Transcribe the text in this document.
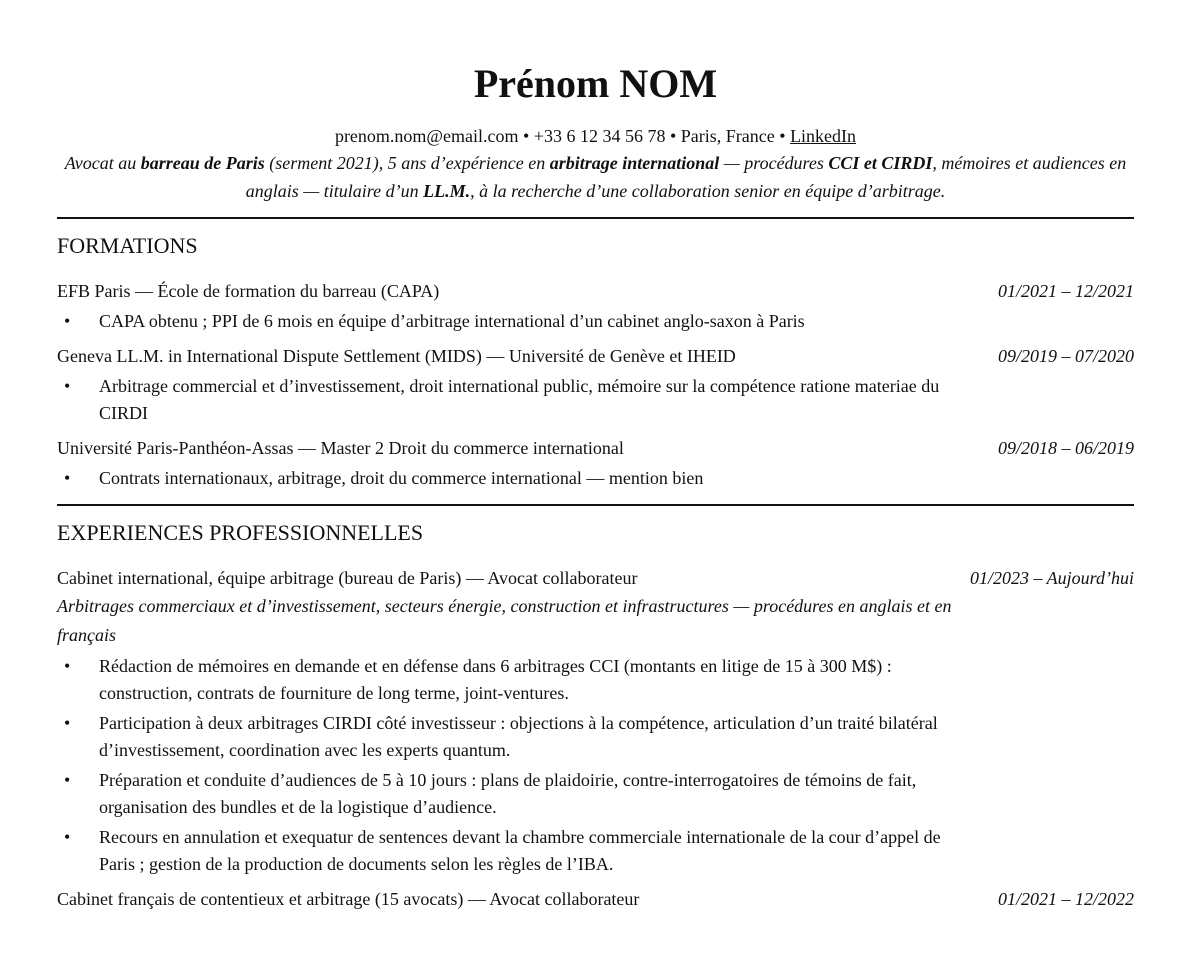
Prénom NOM
prenom.nom@email.com • +33 6 12 34 56 78 • Paris, France • LinkedIn
Avocat au barreau de Paris (serment 2021), 5 ans d’expérience en arbitrage international — procédures CCI et CIRDI, mémoires et audiences en anglais — titulaire d’un LL.M., à la recherche d’une collaboration senior en équipe d’arbitrage.
FORMATIONS
EFB Paris — École de formation du barreau (CAPA)	01/2021 – 12/2021
• CAPA obtenu ; PPI de 6 mois en équipe d’arbitrage international d’un cabinet anglo-saxon à Paris
Geneva LL.M. in International Dispute Settlement (MIDS) — Université de Genève et IHEID	09/2019 – 07/2020
• Arbitrage commercial et d’investissement, droit international public, mémoire sur la compétence ratione materiae du CIRDI
Université Paris-Panthéon-Assas — Master 2 Droit du commerce international	09/2018 – 06/2019
• Contrats internationaux, arbitrage, droit du commerce international — mention bien
EXPERIENCES PROFESSIONNELLES
Cabinet international, équipe arbitrage (bureau de Paris) — Avocat collaborateur	01/2023 – Aujourd’hui
Arbitrages commerciaux et d’investissement, secteurs énergie, construction et infrastructures — procédures en anglais et en français
• Rédaction de mémoires en demande et en défense dans 6 arbitrages CCI (montants en litige de 15 à 300 M$) : construction, contrats de fourniture de long terme, joint-ventures.
• Participation à deux arbitrages CIRDI côté investisseur : objections à la compétence, articulation d’un traité bilatéral d’investissement, coordination avec les experts quantum.
• Préparation et conduite d’audiences de 5 à 10 jours : plans de plaidoirie, contre-interrogatoires de témoins de fait, organisation des bundles et de la logistique d’audience.
• Recours en annulation et exequatur de sentences devant la chambre commerciale internationale de la cour d’appel de Paris ; gestion de la production de documents selon les règles de l’IBA.
Cabinet français de contentieux et arbitrage (15 avocats) — Avocat collaborateur	01/2021 – 12/2022
